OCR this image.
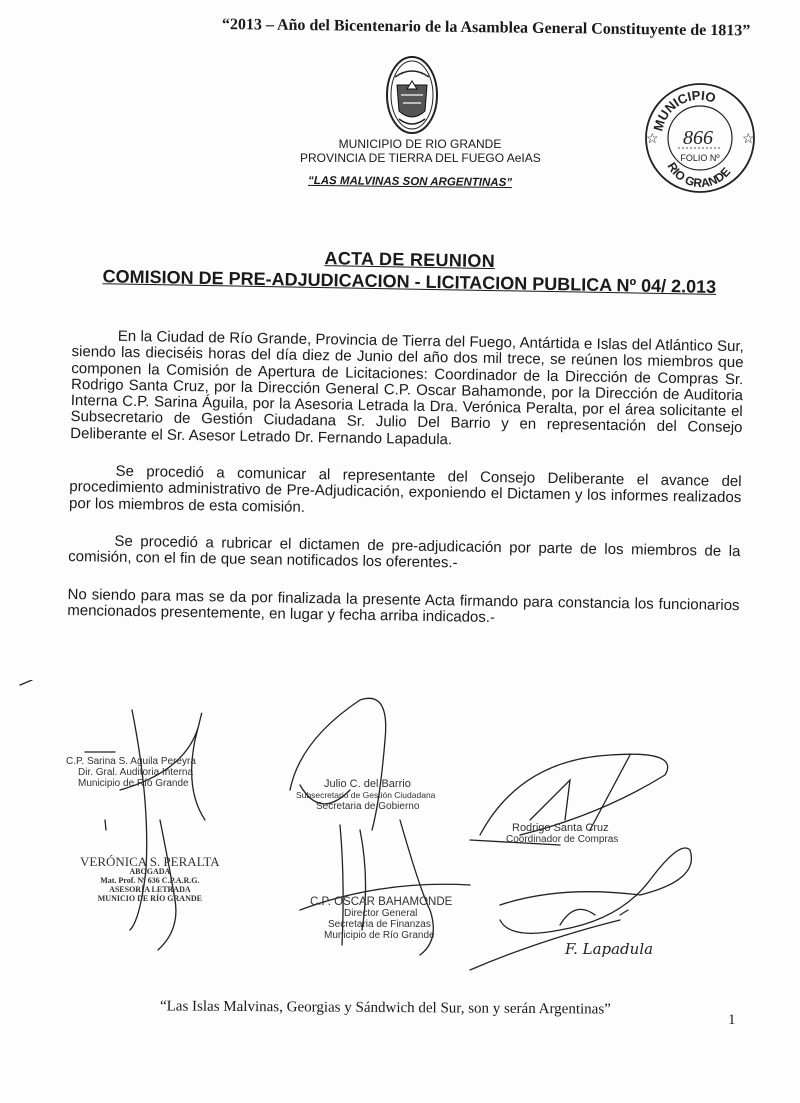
“2013 – Año del Bicentenario de la Asamblea General Constituyente de 1813”
MUNICIPIO DE RIO GRANDE
PROVINCIA DE TIERRA DEL FUEGO AeIAS
“LAS MALVINAS SON ARGENTINAS”
MUNICIPIO
RIO GRANDE
☆	☆
866
FOLIO Nº
ACTA DE REUNION
COMISION DE PRE-ADJUDICACION - LICITACION PUBLICA Nº 04/ 2.013

En la Ciudad de Río Grande, Provincia de Tierra del Fuego, Antártida e Islas del Atlántico Sur, siendo las dieciséis horas del día diez de Junio del año dos mil trece, se reúnen los miembros que componen la Comisión de Apertura de Licitaciones: Coordinador de la Dirección de Compras Sr. Rodrigo Santa Cruz, por la Dirección General C.P. Oscar Bahamonde, por la Dirección de Auditoria Interna C.P. Sarina Águila, por la Asesoria Letrada la Dra. Verónica Peralta, por el área solicitante el Subsecretario de Gestión Ciudadana Sr. Julio Del Barrio y en representación del Consejo Deliberante el Sr. Asesor Letrado Dr. Fernando Lapadula.

Se procedió a comunicar al representante del Consejo Deliberante el avance del procedimiento administrativo de Pre-Adjudicación, exponiendo el Dictamen y los informes realizados por los miembros de esta comisión.

Se procedió a rubricar el dictamen de pre-adjudicación por parte de los miembros de la comisión, con el fin de que sean notificados los oferentes.-

No siendo para mas se da por finalizada la presente Acta firmando para constancia los funcionarios mencionados presentemente, en lugar y fecha arriba indicados.-

F. Lapadula
C.P. Sarina S. Aguila Pereyra
Dir. Gral. Auditoria Interna
Municipio de Río Grande	Julio C. del Barrio
Subsecretario de Gestión Ciudadana
Secretaria de Gobierno
Rodrigo Santa Cruz
Coordinador de Compras
VERÓNICA S. PERALTA
ABOGADA
Mat. Prof. Nº 636 C.P.A.R.G.
ASESORÍA LETRADA
MUNICIO DE RÍO GRANDE	C.P. OSCAR BAHAMONDE
Director General
Secretaria de Finanzas
Municipio de Río Grande
“Las Islas Malvinas, Georgias y Sándwich del Sur, son y serán Argentinas”
1
